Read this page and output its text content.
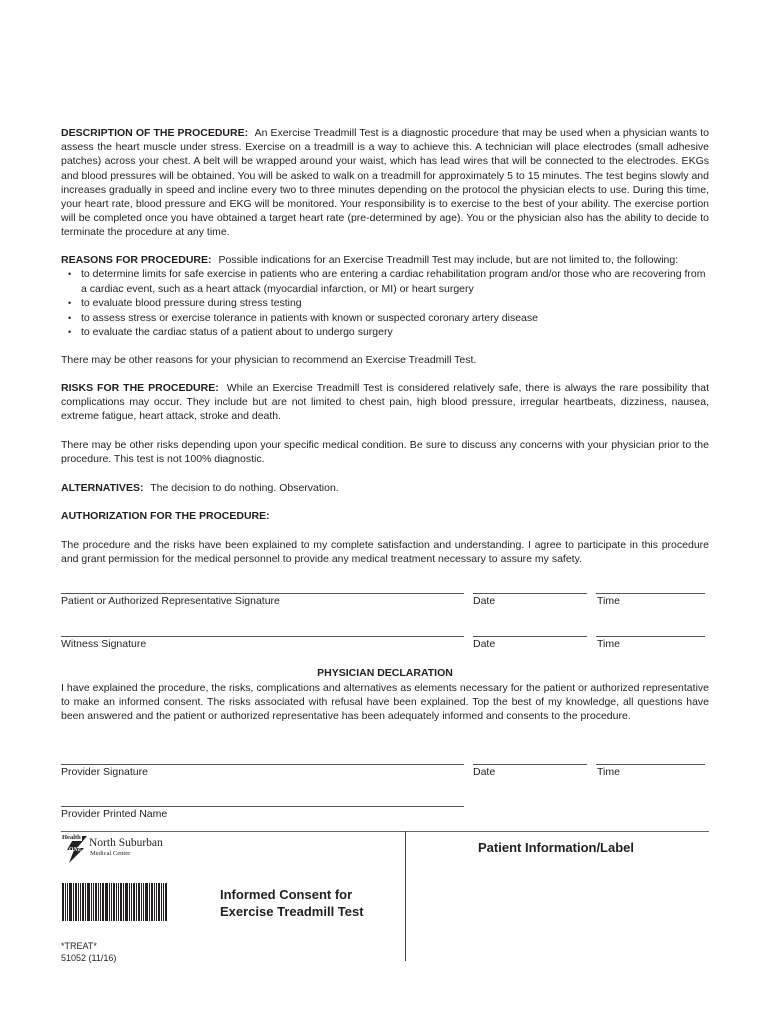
DESCRIPTION OF THE PROCEDURE: An Exercise Treadmill Test is a diagnostic procedure that may be used when a physician wants to assess the heart muscle under stress. Exercise on a treadmill is a way to achieve this. A technician will place electrodes (small adhesive patches) across your chest. A belt will be wrapped around your waist, which has lead wires that will be connected to the electrodes. EKGs and blood pressures will be obtained. You will be asked to walk on a treadmill for approximately 5 to 15 minutes. The test begins slowly and increases gradually in speed and incline every two to three minutes depending on the protocol the physician elects to use. During this time, your heart rate, blood pressure and EKG will be monitored. Your responsibility is to exercise to the best of your ability. The exercise portion will be completed once you have obtained a target heart rate (pre-determined by age). You or the physician also has the ability to decide to terminate the procedure at any time.
REASONS FOR PROCEDURE: Possible indications for an Exercise Treadmill Test may include, but are not limited to, the following:
• to determine limits for safe exercise in patients who are entering a cardiac rehabilitation program and/or those who are recovering from a cardiac event, such as a heart attack (myocardial infarction, or MI) or heart surgery
• to evaluate blood pressure during stress testing
• to assess stress or exercise tolerance in patients with known or suspected coronary artery disease
• to evaluate the cardiac status of a patient about to undergo surgery
There may be other reasons for your physician to recommend an Exercise Treadmill Test.
RISKS FOR THE PROCEDURE: While an Exercise Treadmill Test is considered relatively safe, there is always the rare possibility that complications may occur. They include but are not limited to chest pain, high blood pressure, irregular heartbeats, dizziness, nausea, extreme fatigue, heart attack, stroke and death.
There may be other risks depending upon your specific medical condition. Be sure to discuss any concerns with your physician prior to the procedure. This test is not 100% diagnostic.
ALTERNATIVES: The decision to do nothing. Observation.
AUTHORIZATION FOR THE PROCEDURE:
The procedure and the risks have been explained to my complete satisfaction and understanding. I agree to participate in this procedure and grant permission for the medical personnel to provide any medical treatment necessary to assure my safety.
Patient or Authorized Representative Signature	Date	Time
Witness Signature	Date	Time
PHYSICIAN DECLARATION
I have explained the procedure, the risks, complications and alternatives as elements necessary for the patient or authorized representative to make an informed consent. The risks associated with refusal have been explained. Top the best of my knowledge, all questions have been answered and the patient or authorized representative has been adequately informed and consents to the procedure.
Provider Signature	Date	Time
Provider Printed Name
Health
ONE
North Suburban
Medical Center
Informed Consent for
Exercise Treadmill Test
*TREAT*
51052 (11/16)
Patient Information/Label
